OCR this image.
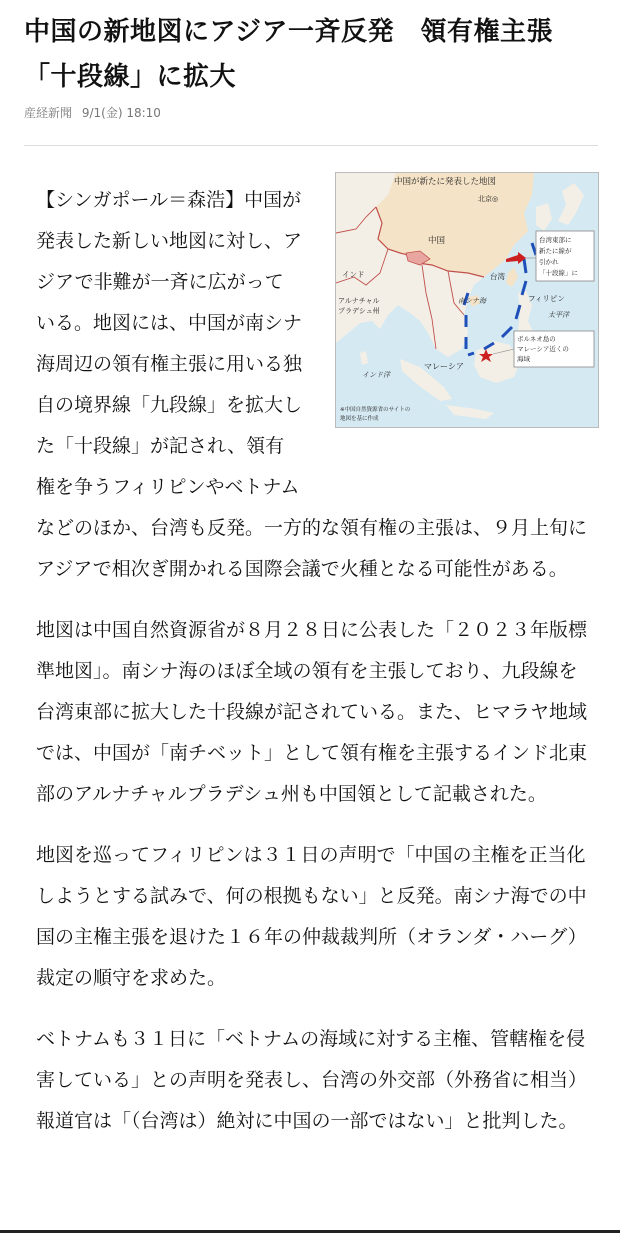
中国の新地図にアジア一斉反発　領有権主張「十段線」に拡大
産経新聞 9/1(金) 18:10
中国が新たに発表した地図
北京◎
中国
インド
アルナチャル
プラデシュ州
台湾
南シナ海	フィリピン
太平洋
インド洋
マレーシア
台湾東部に
新たに線が
引かれ
「十段線」に
ボルネオ島の
マレーシア近くの
海域
※中国自然資源省のサイトの
地図を基に作成

【シンガポール＝森浩】中国が発表した新しい地図に対し、アジアで非難が一斉に広がっている。地図には、中国が南シナ海周辺の領有権主張に用いる独自の境界線「九段線」を拡大した「十段線」が記され、領有権を争うフィリピンやベトナムなどのほか、台湾も反発。一方的な領有権の主張は、９月上旬にアジアで相次ぎ開かれる国際会議で火種となる可能性がある。

地図は中国自然資源省が８月２８日に公表した「２０２３年版標準地図」。南シナ海のほぼ全域の領有を主張しており、九段線を台湾東部に拡大した十段線が記されている。また、ヒマラヤ地域では、中国が「南チベット」として領有権を主張するインド北東部のアルナチャルプラデシュ州も中国領として記載された。

地図を巡ってフィリピンは３１日の声明で「中国の主権を正当化しようとする試みで、何の根拠もない」と反発。南シナ海での中国の主権主張を退けた１６年の仲裁裁判所（オランダ・ハーグ）裁定の順守を求めた。

ベトナムも３１日に「ベトナムの海域に対する主権、管轄権を侵害している」との声明を発表し、台湾の外交部（外務省に相当）報道官は「（台湾は）絶対に中国の一部ではない」と批判した。
